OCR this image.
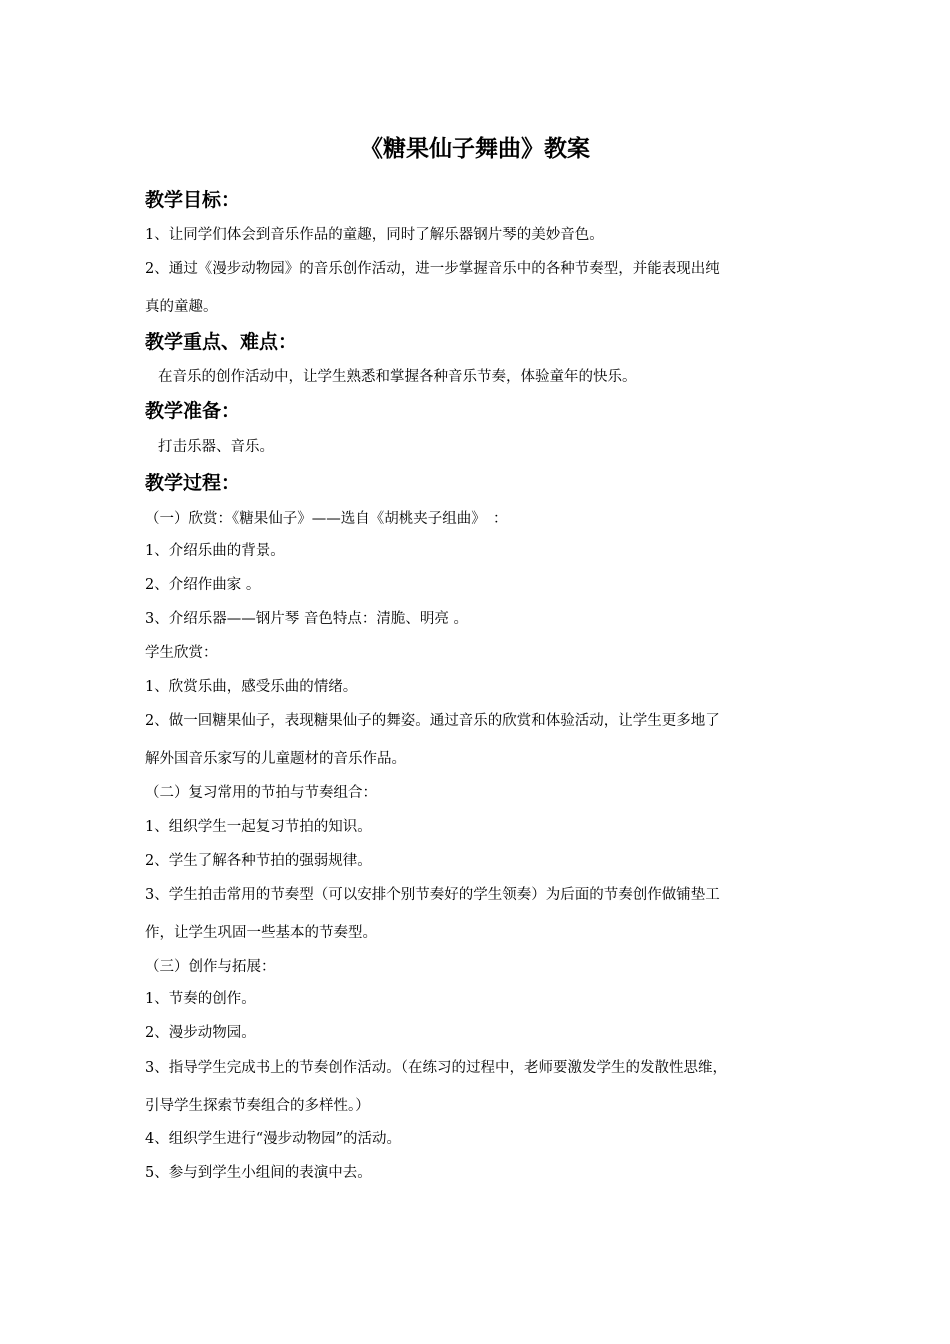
《糖果仙子舞曲》教案
教学目标：
1、让同学们体会到音乐作品的童趣，同时了解乐器钢片琴的美妙音色。
2、通过《漫步动物园》的音乐创作活动，进一步掌握音乐中的各种节奏型，并能表现出纯
真的童趣。
教学重点、难点：
在音乐的创作活动中，让学生熟悉和掌握各种音乐节奏，体验童年的快乐。
教学准备：
打击乐器、音乐。
教学过程：
（一）欣赏：《糖果仙子》——选自《胡桃夹子组曲》　：
1、介绍乐曲的背景。
2、介绍作曲家 。
3、介绍乐器——钢片琴 音色特点：清脆、明亮 。
学生欣赏：
1、欣赏乐曲，感受乐曲的情绪。
2、做一回糖果仙子，表现糖果仙子的舞姿。通过音乐的欣赏和体验活动，让学生更多地了
解外国音乐家写的儿童题材的音乐作品。
（二）复习常用的节拍与节奏组合：
1、组织学生一起复习节拍的知识。
2、学生了解各种节拍的强弱规律。
3、学生拍击常用的节奏型（可以安排个别节奏好的学生领奏）为后面的节奏创作做铺垫工
作，让学生巩固一些基本的节奏型。
（三）创作与拓展：
1、节奏的创作。
2、漫步动物园。
3、指导学生完成书上的节奏创作活动。（在练习的过程中，老师要激发学生的发散性思维，
引导学生探索节奏组合的多样性。）
4、组织学生进行“漫步动物园”的活动。
5、参与到学生小组间的表演中去。
